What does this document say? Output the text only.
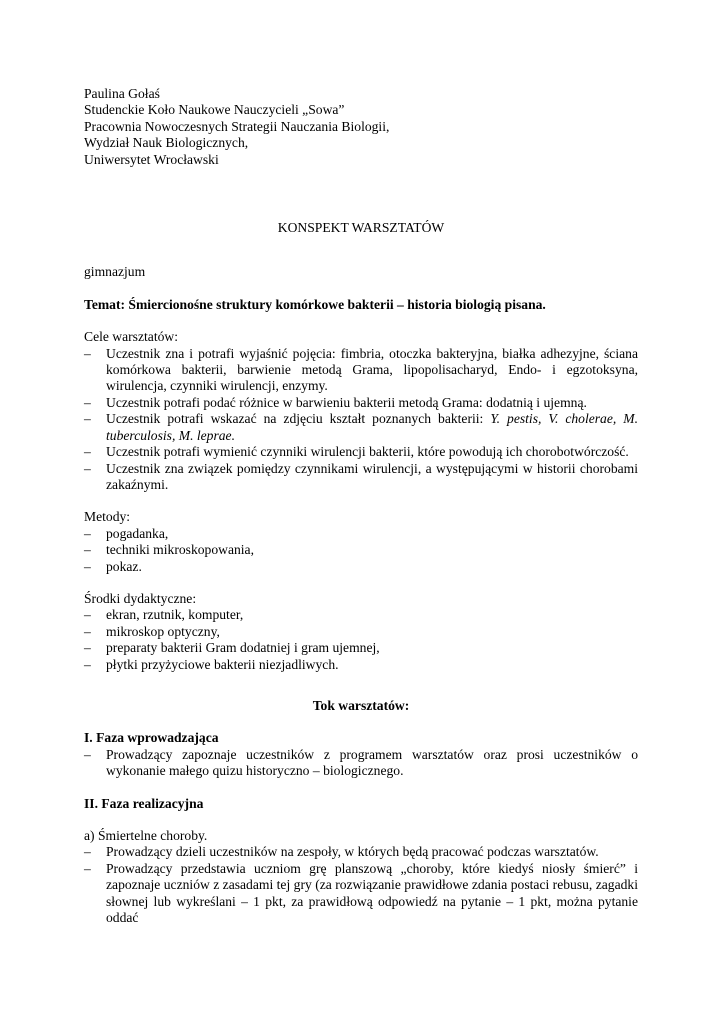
Paulina Gołaś

Studenckie Koło Naukowe Nauczycieli „Sowa”

Pracownia Nowoczesnych Strategii Nauczania Biologii,

Wydział Nauk Biologicznych,

Uniwersytet Wrocławski

KONSPEKT WARSZTATÓW

gimnazjum

Temat: Śmiercionośne struktury komórkowe bakterii – historia biologią pisana.

Cele warsztatów:

– Uczestnik zna i potrafi wyjaśnić pojęcia: fimbria, otoczka bakteryjna, białka adhezyjne, ściana komórkowa bakterii, barwienie metodą Grama, lipopolisacharyd, Endo- i egzotoksyna, wirulencja, czynniki wirulencji, enzymy.
– Uczestnik potrafi podać różnice w barwieniu bakterii metodą Grama: dodatnią i ujemną.
– Uczestnik potrafi wskazać na zdjęciu kształt poznanych bakterii: Y. pestis, V. cholerae, M. tuberculosis, M. leprae.
– Uczestnik potrafi wymienić czynniki wirulencji bakterii, które powodują ich chorobotwórczość.
– Uczestnik zna związek pomiędzy czynnikami wirulencji, a występującymi w historii chorobami zakaźnymi.

Metody:

– pogadanka,
– techniki mikroskopowania,
– pokaz.

Środki dydaktyczne:

– ekran, rzutnik, komputer,
– mikroskop optyczny,
– preparaty bakterii Gram dodatniej i gram ujemnej,
– płytki przyżyciowe bakterii niezjadliwych.

Tok warsztatów:

I. Faza wprowadzająca

– Prowadzący zapoznaje uczestników z programem warsztatów oraz prosi uczestników o wykonanie małego quizu historyczno – biologicznego.

II. Faza realizacyjna

a) Śmiertelne choroby.

– Prowadzący dzieli uczestników na zespoły, w których będą pracować podczas warsztatów.
– Prowadzący przedstawia uczniom grę planszową „choroby, które kiedyś niosły śmierć” i zapoznaje uczniów z zasadami tej gry (za rozwiązanie prawidłowe zdania postaci rebusu, zagadki słownej lub wykreślani – 1 pkt, za prawidłową odpowiedź na pytanie – 1 pkt, można pytanie oddać
